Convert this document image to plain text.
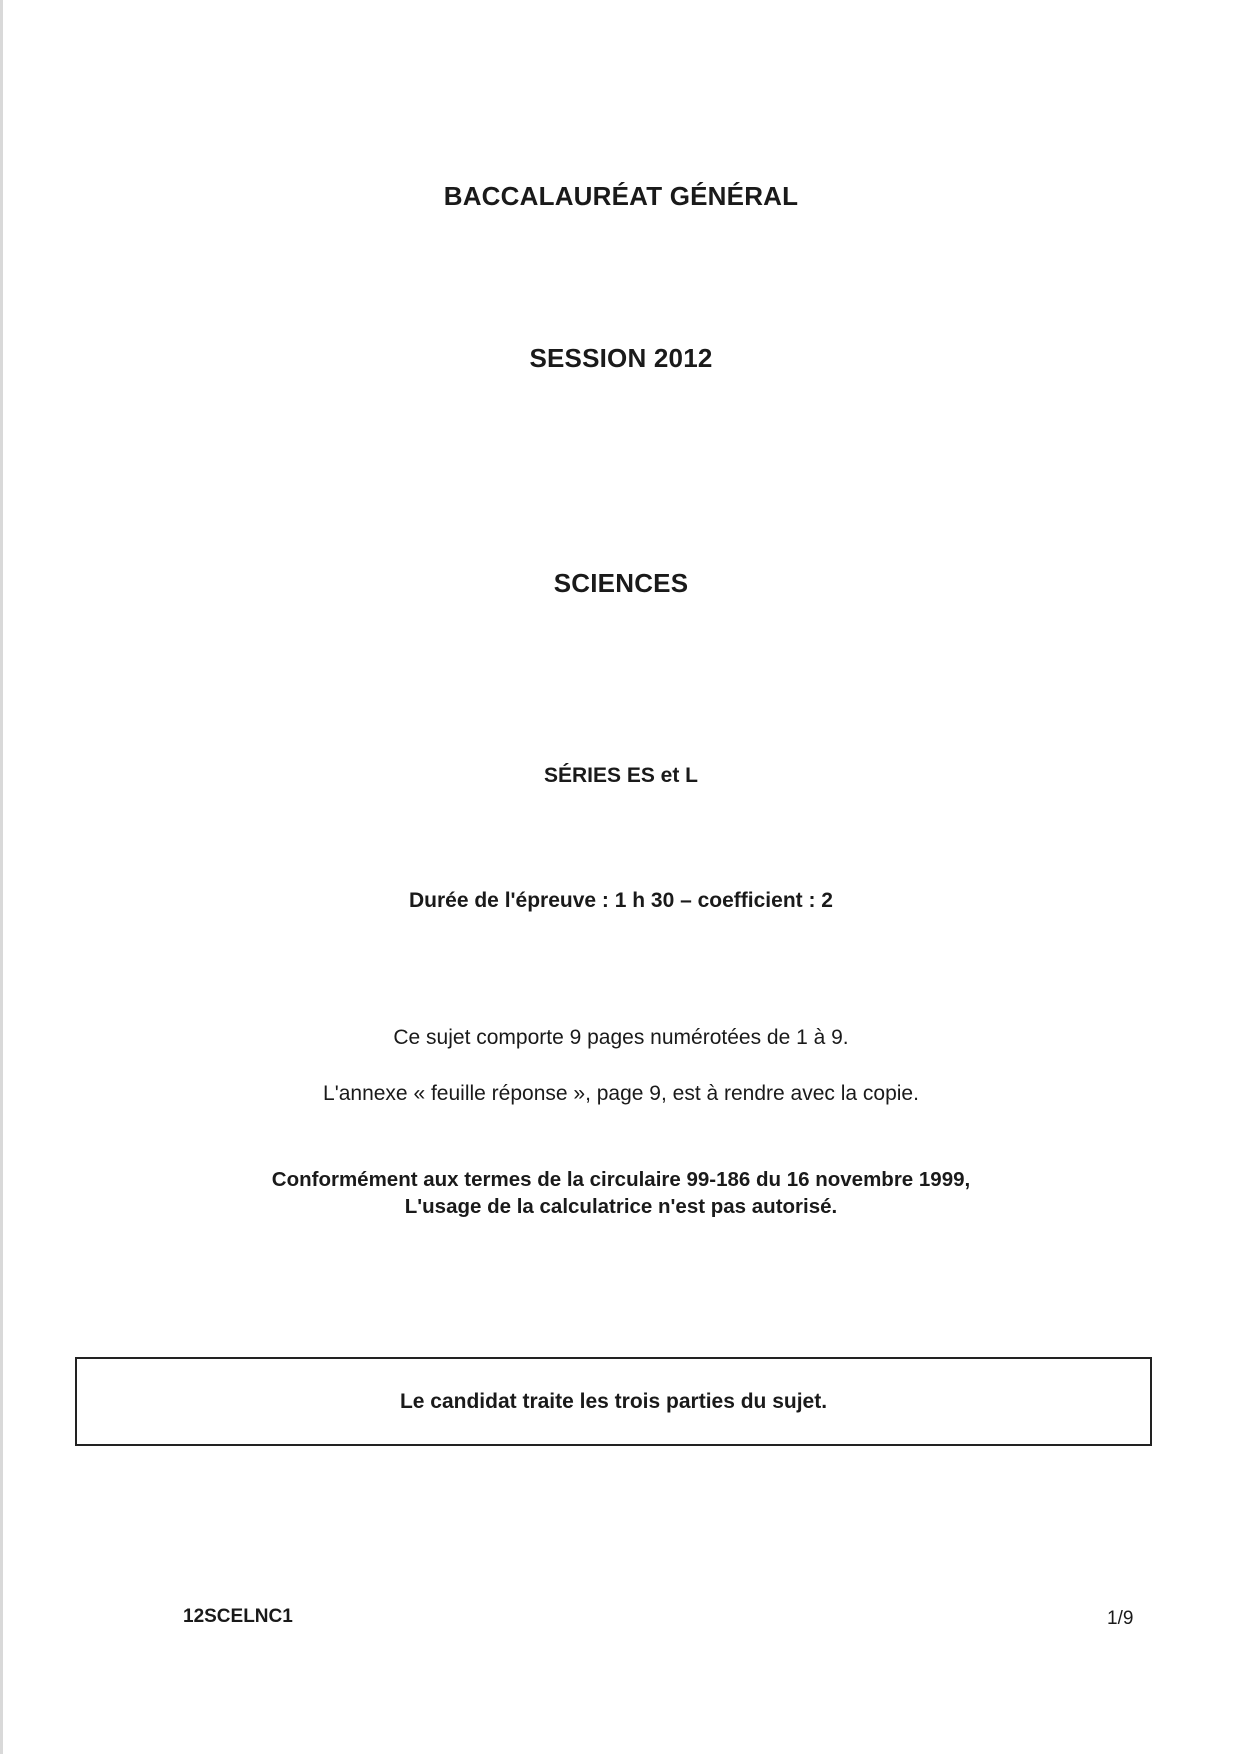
BACCALAURÉAT GÉNÉRAL
SESSION 2012
SCIENCES
SÉRIES ES et L
Durée de l'épreuve : 1 h 30 – coefficient : 2
Ce sujet comporte 9 pages numérotées de 1 à 9.
L'annexe « feuille réponse », page 9, est à rendre avec la copie.
Conformément aux termes de la circulaire 99-186 du 16 novembre 1999,
L'usage de la calculatrice n'est pas autorisé.
Le candidat traite les trois parties du sujet.
12SCELNC1	1/9
